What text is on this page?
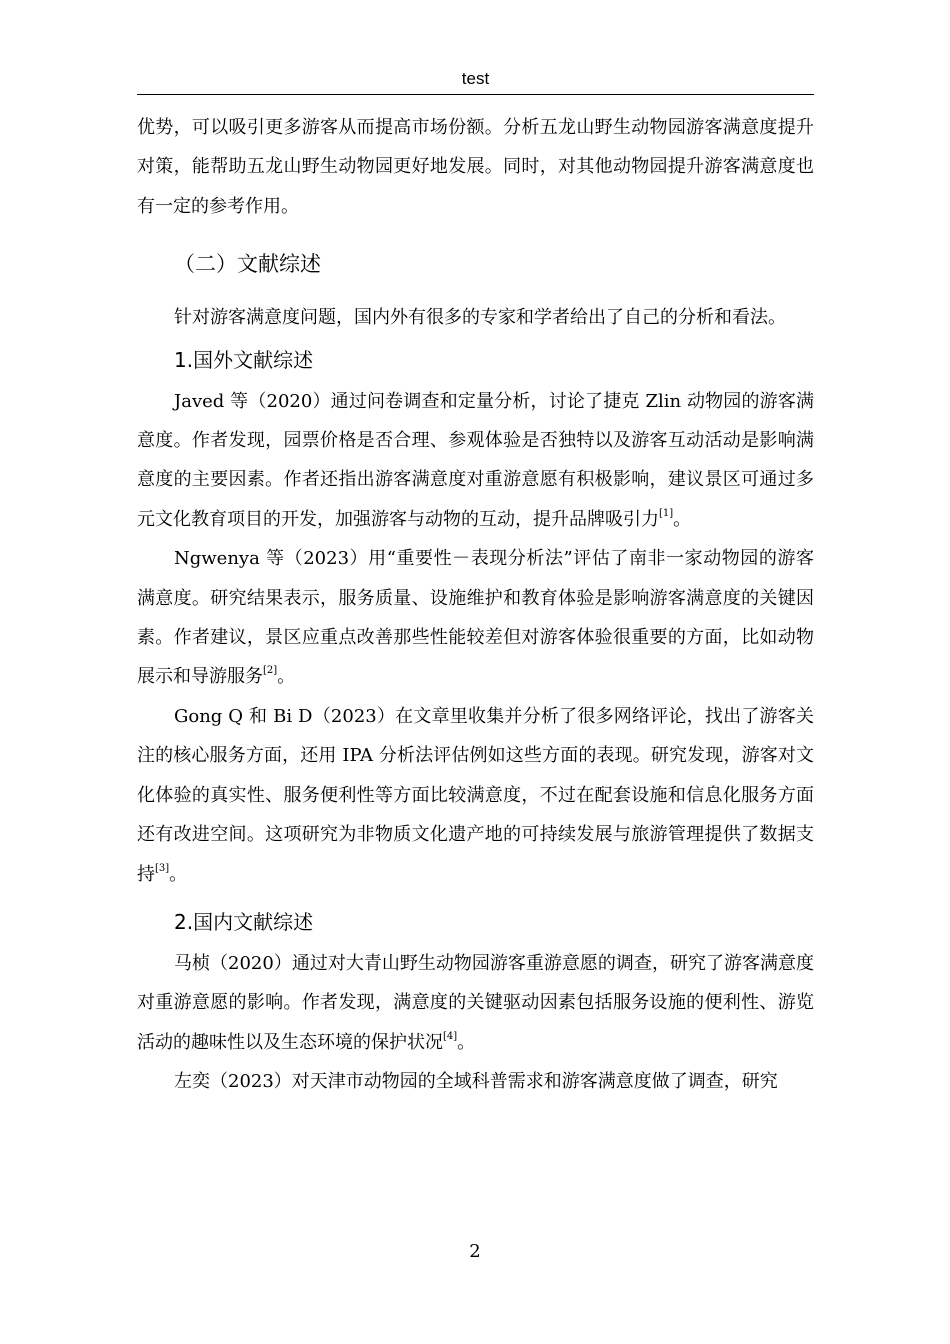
test

优势，可以吸引更多游客从而提高市场份额。分析五龙山野生动物园游客满意度提升对策，能帮助五龙山野生动物园更好地发展。同时，对其他动物园提升游客满意度也有一定的参考作用。

（二）文献综述

针对游客满意度问题，国内外有很多的专家和学者给出了自己的分析和看法。

1.国外文献综述

Javed 等（2020）通过问卷调查和定量分析，讨论了捷克 Zlin 动物园的游客满意度。作者发现，园票价格是否合理、参观体验是否独特以及游客互动活动是影响满意度的主要因素。作者还指出游客满意度对重游意愿有积极影响，建议景区可通过多元文化教育项目的开发，加强游客与动物的互动，提升品牌吸引力[1]。

Ngwenya 等（2023）用“重要性－表现分析法”评估了南非一家动物园的游客满意度。研究结果表示，服务质量、设施维护和教育体验是影响游客满意度的关键因素。作者建议，景区应重点改善那些性能较差但对游客体验很重要的方面，比如动物展示和导游服务[2]。

Gong Q 和 Bi D（2023）在文章里收集并分析了很多网络评论，找出了游客关注的核心服务方面，还用 IPA 分析法评估例如这些方面的表现。研究发现，游客对文化体验的真实性、服务便利性等方面比较满意度，不过在配套设施和信息化服务方面还有改进空间。这项研究为非物质文化遗产地的可持续发展与旅游管理提供了数据支持[3]。

2.国内文献综述

马桢（2020）通过对大青山野生动物园游客重游意愿的调查，研究了游客满意度对重游意愿的影响。作者发现，满意度的关键驱动因素包括服务设施的便利性、游览活动的趣味性以及生态环境的保护状况[4]。

左奕（2023）对天津市动物园的全域科普需求和游客满意度做了调查，研究

2
